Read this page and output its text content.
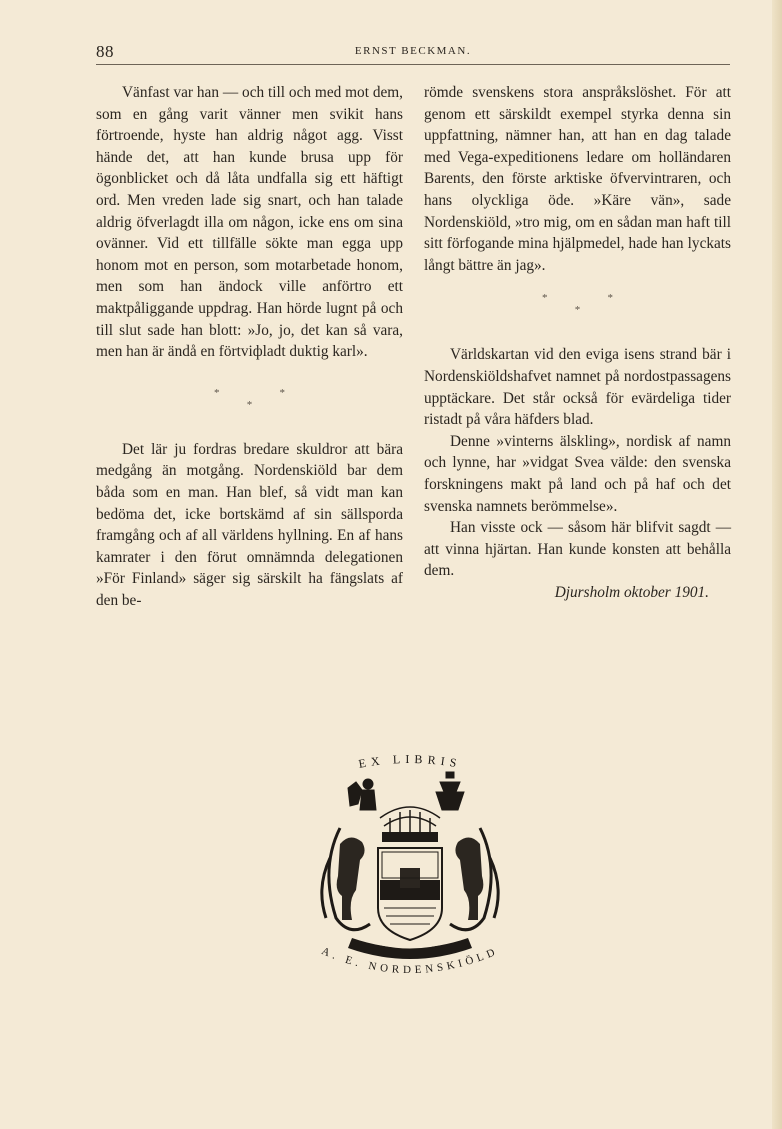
88	ERNST BECKMAN.

Vänfast var han — och till och med mot dem, som en gång varit vänner men svikit hans förtroende, hyste han aldrig något agg. Visst hände det, att han kunde brusa upp för ögonblicket och då låta undfalla sig ett häftigt ord. Men vreden lade sig snart, och han talade aldrig öfverlagdt illa om någon, icke ens om sina ovänner. Vid ett tillfälle sökte man egga upp honom mot en person, som motarbetade honom, men som han ändock ville anförtro ett maktpåliggande uppdrag. Han hörde lugnt på och till slut sade han blott: »Jo, jo, det kan så vara, men han är ändå en förtviфladt duktig karl».

*	*
*

Det lär ju fordras bredare skuldror att bära medgång än motgång. Nordenskiöld bar dem båda som en man. Han blef, så vidt man kan bedöma det, icke bortskämd af sin sällsporda framgång och af all världens hyllning. En af hans kamrater i den förut omnämnda delegationen »För Finland» säger sig särskilt ha fängslats af den be-

römde svenskens stora anspråkslöshet. För att genom ett särskildt exempel styrka denna sin uppfattning, nämner han, att han en dag talade med Vega-expeditionens ledare om holländaren Barents, den förste arktiske öfvervintraren, och hans olyckliga öde. »Käre vän», sade Nordenskiöld, »tro mig, om en sådan man haft till sitt förfogande mina hjälpmedel, hade han lyckats långt bättre än jag».

*	*
*

Världskartan vid den eviga isens strand bär i Nordenskiöldshafvet namnet på nordostpassagens upptäckare. Det står också för evärdeliga tider ristadt på våra häfders blad.

Denne »vinterns älskling», nordisk af namn och lynne, har »vidgat Svea välde: den svenska forskningens makt på land och på haf och det svenska namnets berömmelse».

Han visste ock — såsom här blifvit sagdt — att vinna hjärtan. Han kunde konsten att behålla dem.

Djursholm oktober 1901.
EX LIBRIS
A. E. NORDENSKIÖLD
